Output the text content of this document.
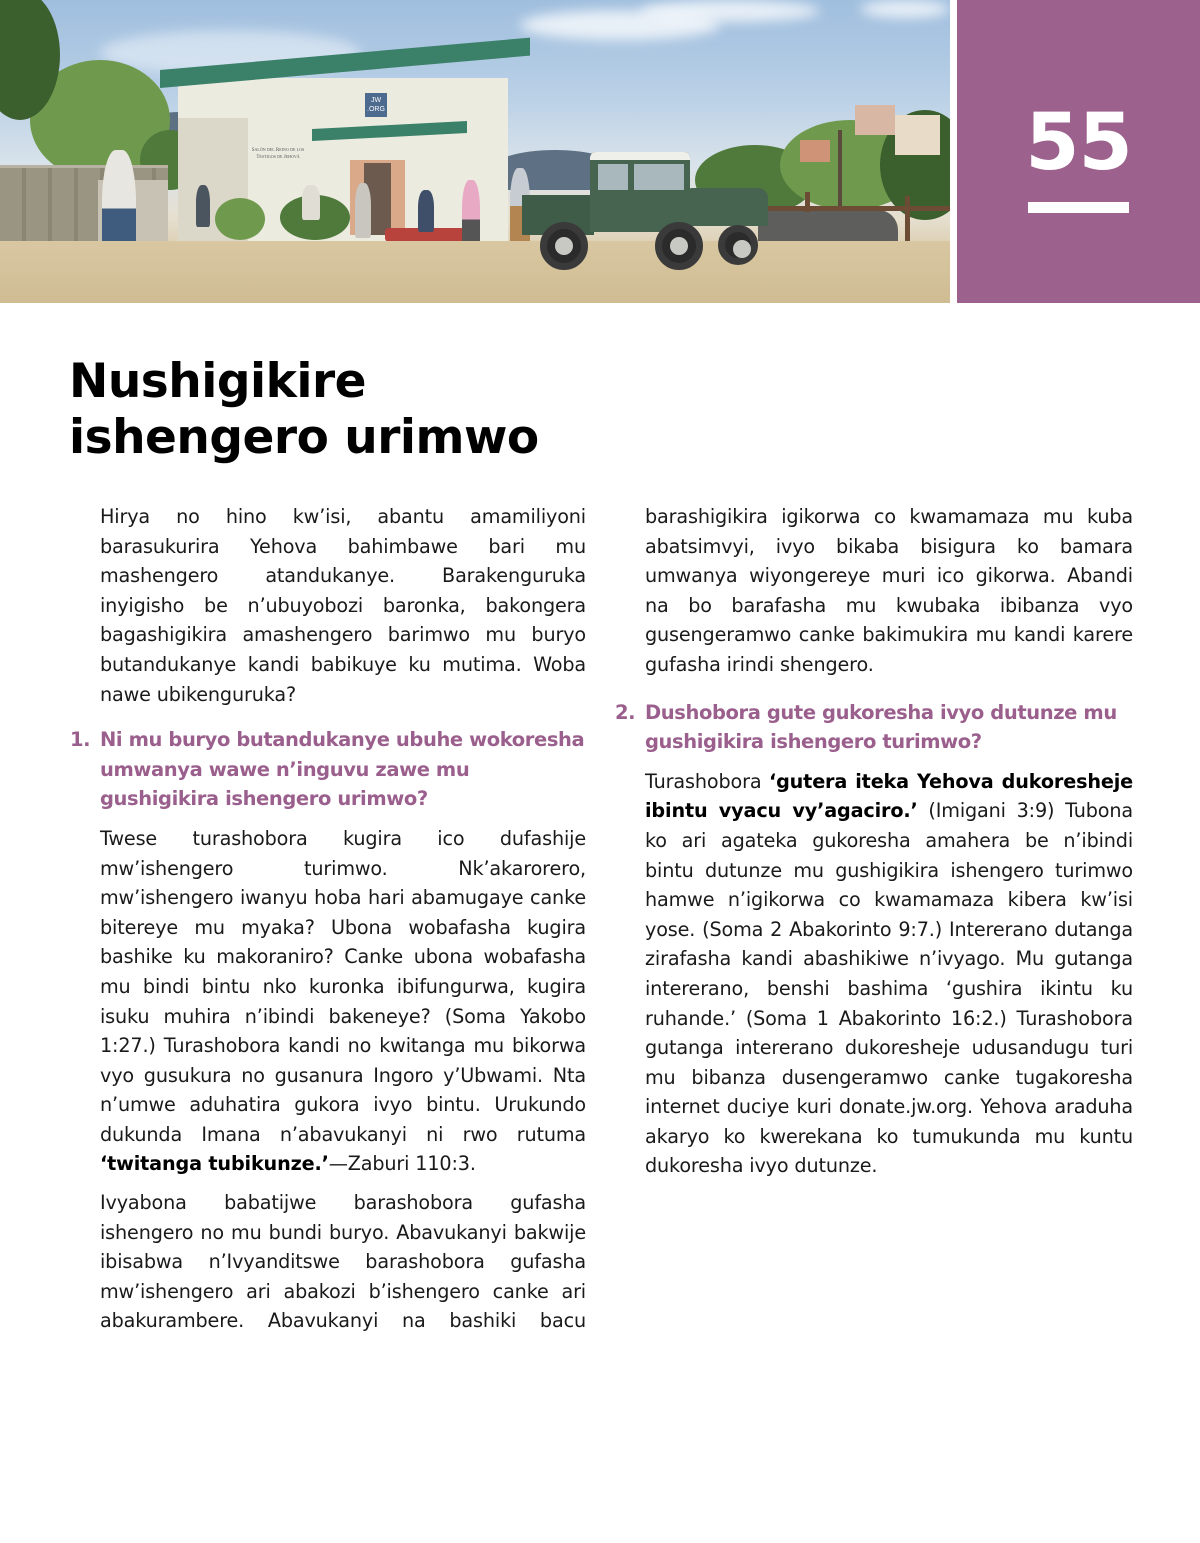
JW .ORG
Salón del Reino de los Testigos de Jehová	55
Nushigikire
ishengero urimwo

Hirya no hino kw’isi, abantu amamiliyoni barasukurira Yehova bahimbawe bari mu mashengero atandukanye. Barakenguruka inyigisho be n’ubuyobozi baronka, bakongera bagashigikira amashengero barimwo mu buryo butandukanye kandi babikuye ku mutima. Woba nawe ubikenguruka?

1. Ni mu buryo butandukanye ubuhe wokoresha umwanya wawe n’inguvu zawe mu gushigikira ishengero urimwo?

Twese turashobora kugira ico dufashije mw’ishengero turimwo. Nk’akarorero, mw’ishengero iwanyu hoba hari abamugaye canke bitereye mu myaka? Ubona wobafasha kugira bashike ku makoraniro? Canke ubona wobafasha mu bindi bintu nko kuronka ibifungurwa, kugira isuku muhira n’ibindi bakeneye? (Soma Yakobo 1:27.) Turashobora kandi no kwitanga mu bikorwa vyo gusukura no gusanura Ingoro y’Ubwami. Nta n’umwe aduhatira gukora ivyo bintu. Urukundo dukunda Imana n’abavukanyi ni rwo rutuma ‘twitanga tubikunze.’—Zaburi 110:3.

Ivyabona babatijwe barashobora gufasha ishengero no mu bundi buryo. Abavukanyi bakwije ibisabwa n’Ivyanditswe barashobora gufasha mw’ishengero ari abakozi b’ishengero canke ari abakurambere. Abavukanyi na bashiki bacu

barashigikira igikorwa co kwamamaza mu kuba abatsimvyi, ivyo bikaba bisigura ko bamara umwanya wiyongereye muri ico gikorwa. Abandi na bo barafasha mu kwubaka ibibanza vyo gusengeramwo canke bakimukira mu kandi karere gufasha irindi shengero.

2. Dushobora gute gukoresha ivyo dutunze mu gushigikira ishengero turimwo?

Turashobora ‘gutera iteka Yehova dukoresheje ibintu vyacu vy’agaciro.’ (Imigani 3:9) Tubona ko ari agateka gukoresha amahera be n’ibindi bintu dutunze mu gushigikira ishengero turimwo hamwe n’igikorwa co kwamamaza kibera kw’isi yose. (Soma 2 Abakorinto 9:7.) Intererano dutanga zirafasha kandi abashikiwe n’ivyago. Mu gutanga intererano, benshi bashima ‘gushira ikintu ku ruhande.’ (Soma 1 Abakorinto 16:2.) Turashobora gutanga intererano dukoresheje udusandugu turi mu bibanza dusengeramwo canke tugakoresha internet duciye kuri donate.jw.org. Yehova araduha akaryo ko kwerekana ko tumukunda mu kuntu dukoresha ivyo dutunze.
